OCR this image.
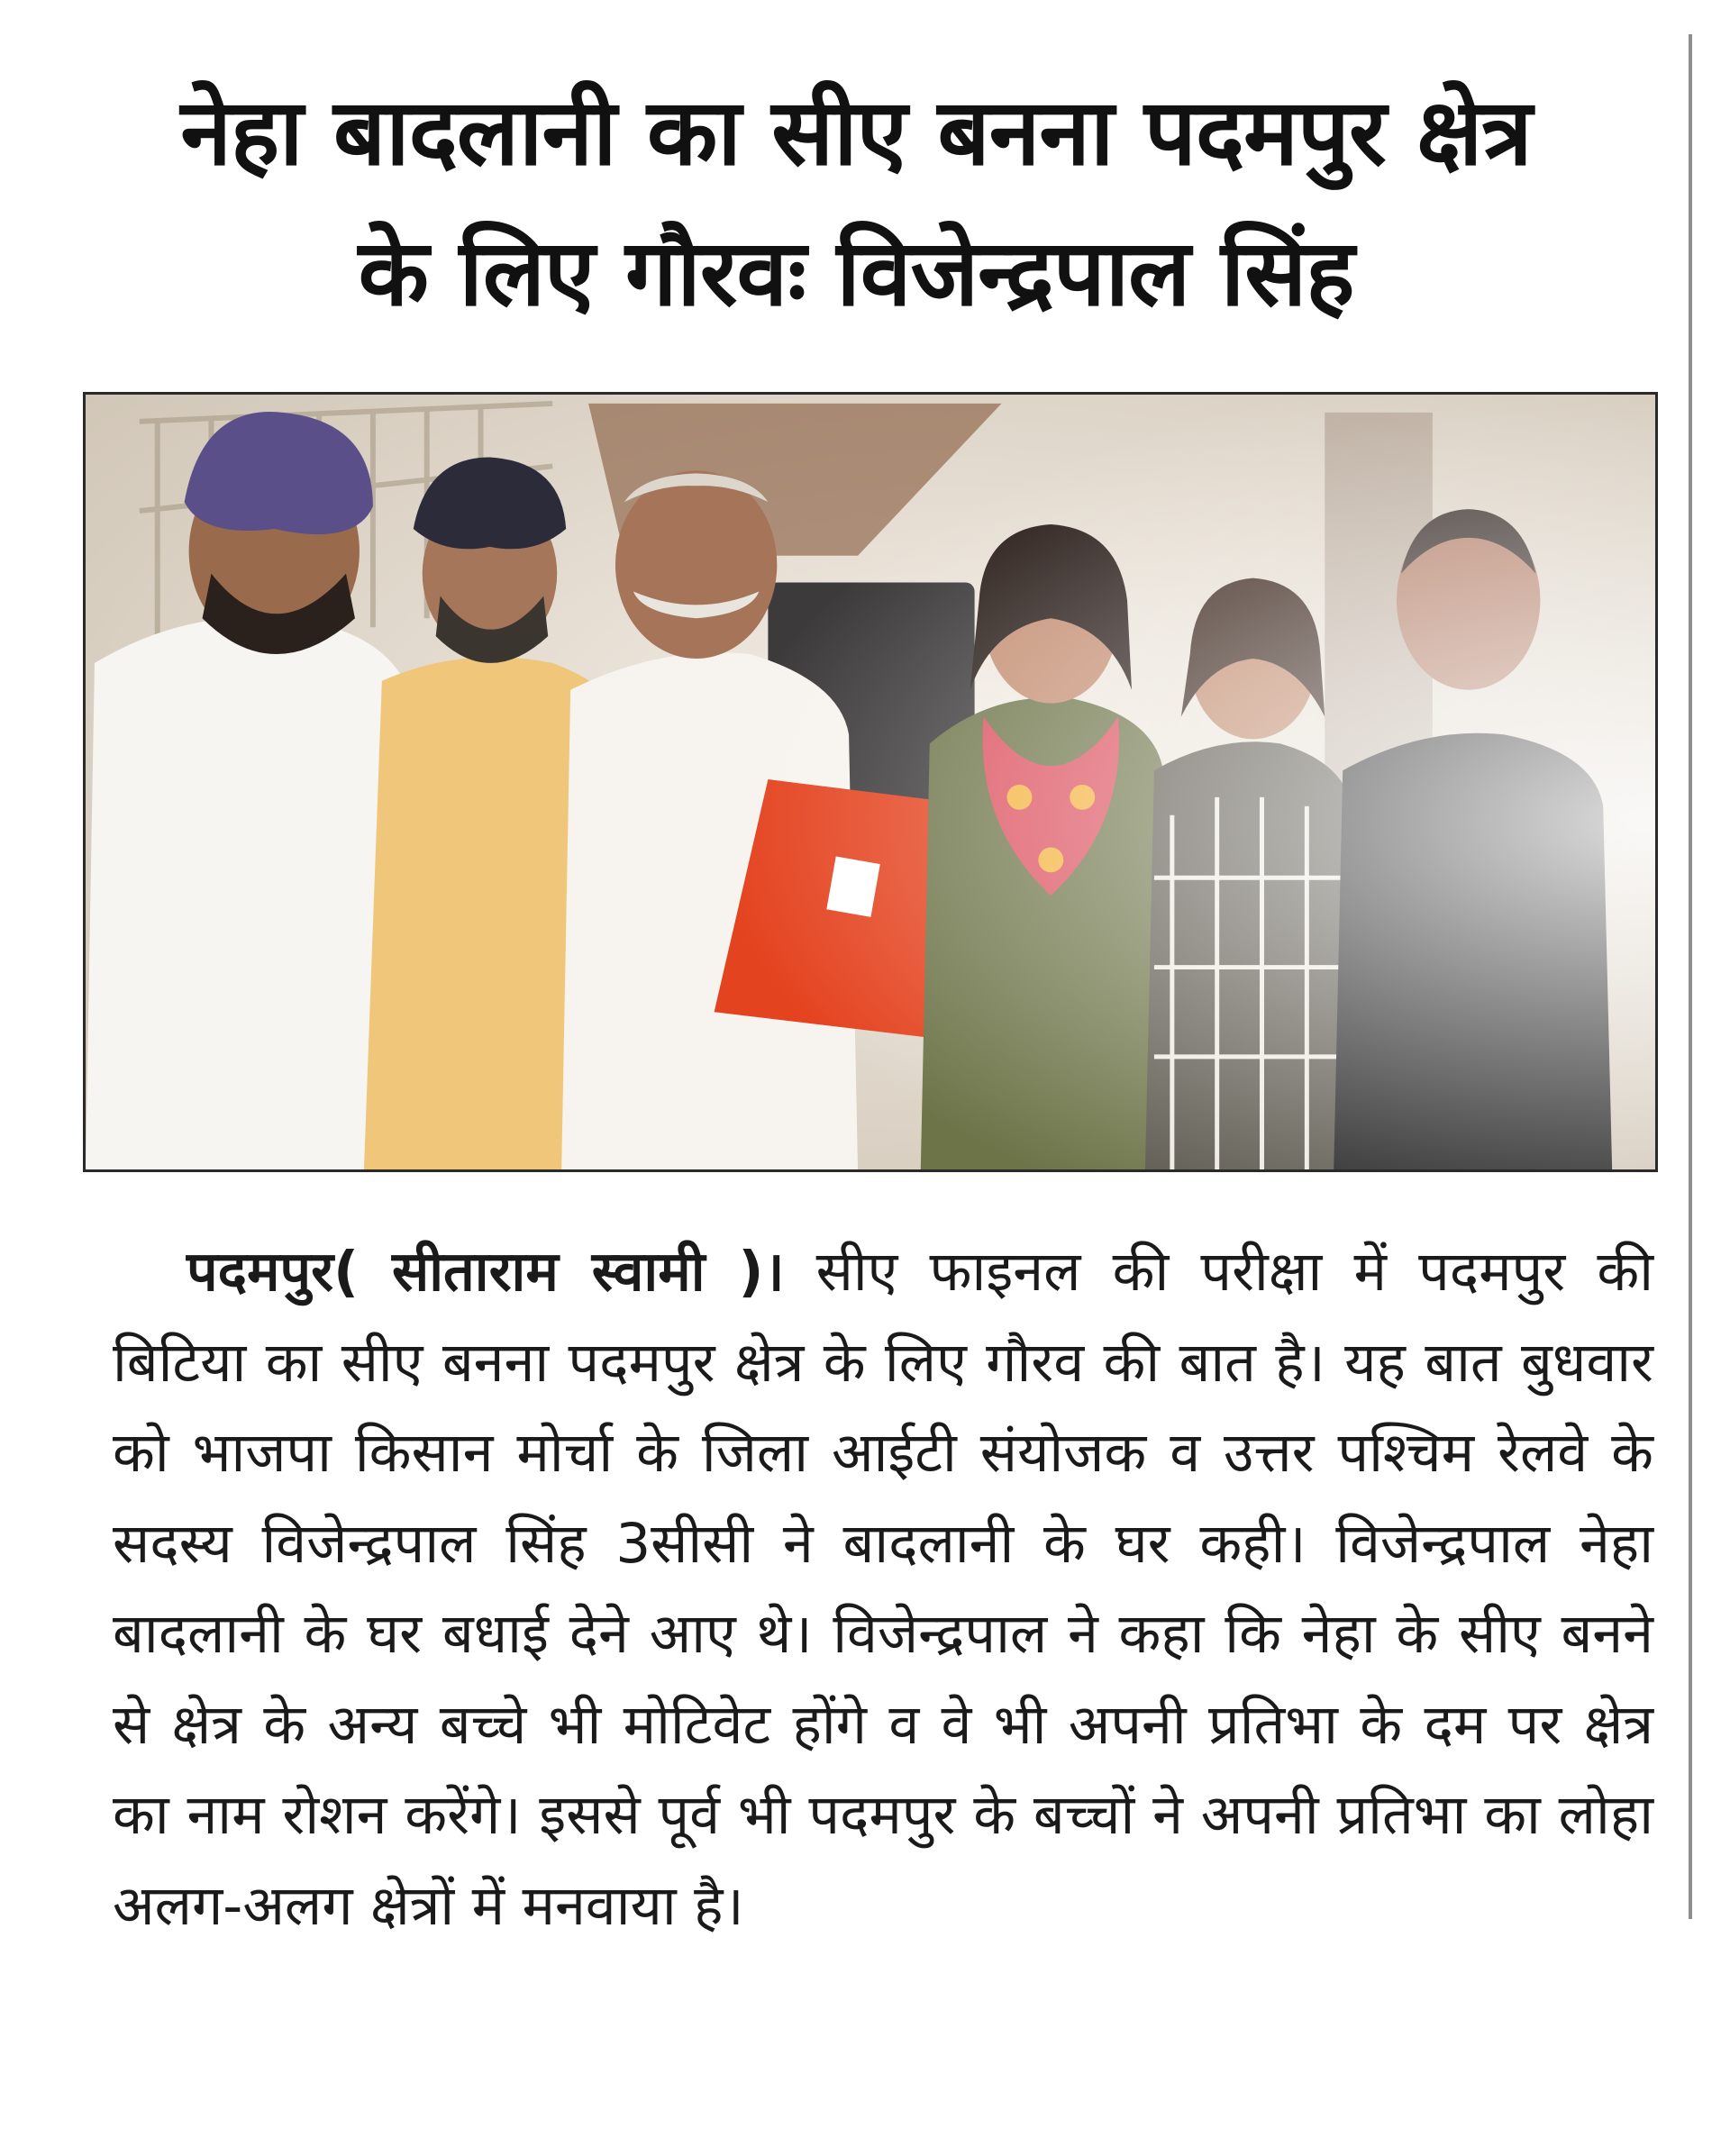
नेहा बादलानी का सीए बनना पदमपुर क्षेत्र
के लिए गौरवः विजेन्द्रपाल सिंह

पदमपुर( सीताराम स्वामी )। सीए फाइनल की परीक्षा में पदमपुर की बिटिया का सीए बनना पदमपुर क्षेत्र के लिए गौरव की बात है। यह बात बुधवार को भाजपा किसान मोर्चा के जिला आईटी संयोजक व उत्तर पश्चिम रेलवे के सदस्य विजेन्द्रपाल सिंह 3सीसी ने बादलानी के घर कही। विजेन्द्रपाल नेहा बादलानी के घर बधाई देने आए थे। विजेन्द्रपाल ने कहा कि नेहा के सीए बनने से क्षेत्र के अन्य बच्चे भी मोटिवेट होंगे व वे भी अपनी प्रतिभा के दम पर क्षेत्र का नाम रोशन करेंगे। इससे पूर्व भी पदमपुर के बच्चों ने अपनी प्रतिभा का लोहा अलग-अलग क्षेत्रों में मनवाया है।
